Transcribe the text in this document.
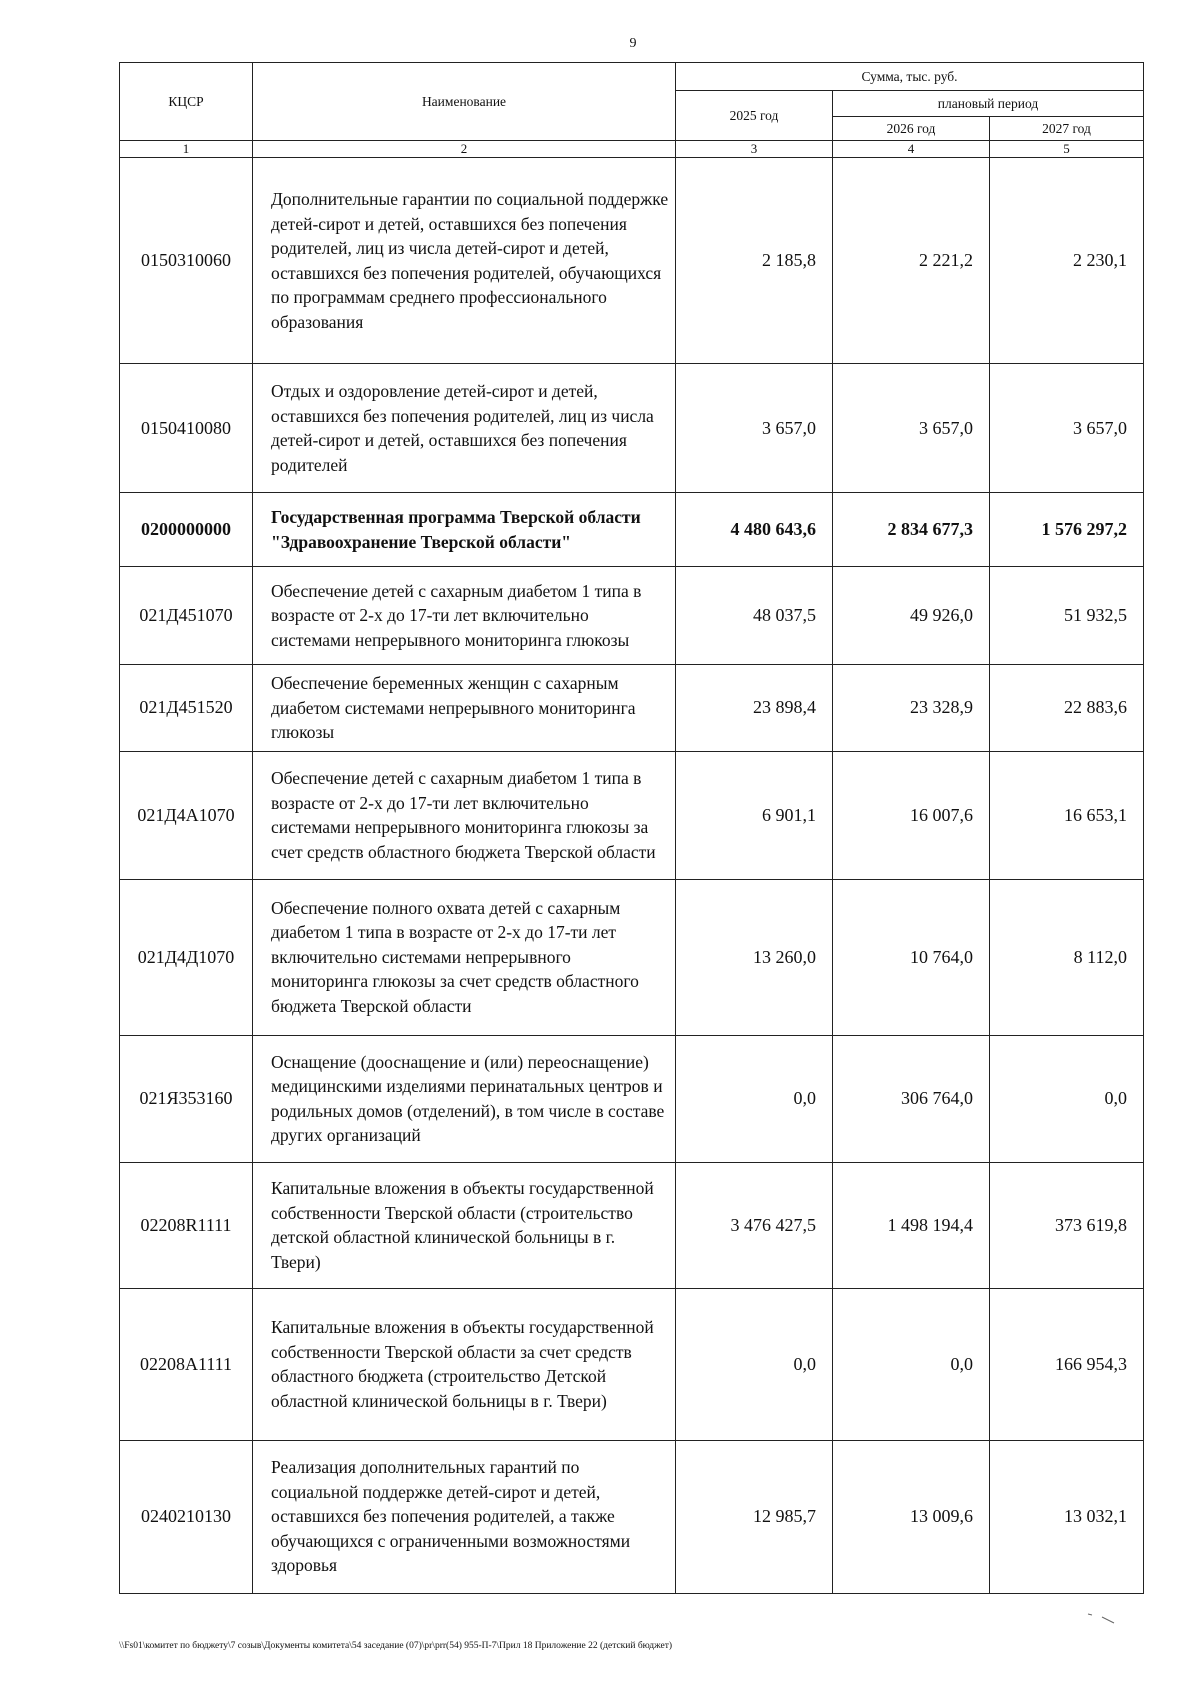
9
КЦСР	Наименование	Сумма, тыс. руб.		
		2025 год	плановый период	
			2026 год	2027 год
1	2	3	4	5
0150310060	Дополнительные гарантии по социальной поддержке детей-сирот и детей, оставшихся без попечения родителей, лиц из числа детей-сирот и детей, оставшихся без попечения родителей, обучающихся по программам среднего профессионального образования	2 185,8	2 221,2	2 230,1
0150410080	Отдых и оздоровление детей-сирот и детей, оставшихся без попечения родителей, лиц из числа детей-сирот и детей, оставшихся без попечения родителей	3 657,0	3 657,0	3 657,0
0200000000	Государственная программа Тверской области "Здравоохранение Тверской области"	4 480 643,6	2 834 677,3	1 576 297,2
021Д451070	Обеспечение детей с сахарным диабетом 1 типа в возрасте от 2-х до 17-ти лет включительно системами непрерывного мониторинга глюкозы	48 037,5	49 926,0	51 932,5
021Д451520	Обеспечение беременных женщин с сахарным диабетом системами непрерывного мониторинга глюкозы	23 898,4	23 328,9	22 883,6
021Д4А1070	Обеспечение детей с сахарным диабетом 1 типа в возрасте от 2-х до 17-ти лет включительно системами непрерывного мониторинга глюкозы за счет средств областного бюджета Тверской области	6 901,1	16 007,6	16 653,1
021Д4Д1070	Обеспечение полного охвата детей с сахарным диабетом 1 типа в возрасте от 2-х до 17-ти лет включительно системами непрерывного мониторинга глюкозы за счет средств областного бюджета Тверской области	13 260,0	10 764,0	8 112,0
021Я353160	Оснащение (дооснащение и (или) переоснащение) медицинскими изделиями перинатальных центров и родильных домов (отделений), в том числе в составе других организаций	0,0	306 764,0	0,0
02208R1111	Капитальные вложения в объекты государственной собственности Тверской области (строительство детской областной клинической больницы в г. Твери)	3 476 427,5	1 498 194,4	373 619,8
02208A1111	Капитальные вложения в объекты государственной собственности Тверской области за счет средств областного бюджета (строительство Детской областной клинической больницы в г. Твери)	0,0	0,0	166 954,3
0240210130	Реализация дополнительных гарантий по социальной поддержке детей-сирот и детей, оставшихся без попечения родителей, а также обучающихся с ограниченными возможностями здоровья	12 985,7	13 009,6	13 032,1
\\Fs01\комитет по бюджету\7 созыв\Документы комитета\54 заседание (07)\pr\prr(54) 955-П-7\Прил 18 Приложение 22 (детский бюджет)
